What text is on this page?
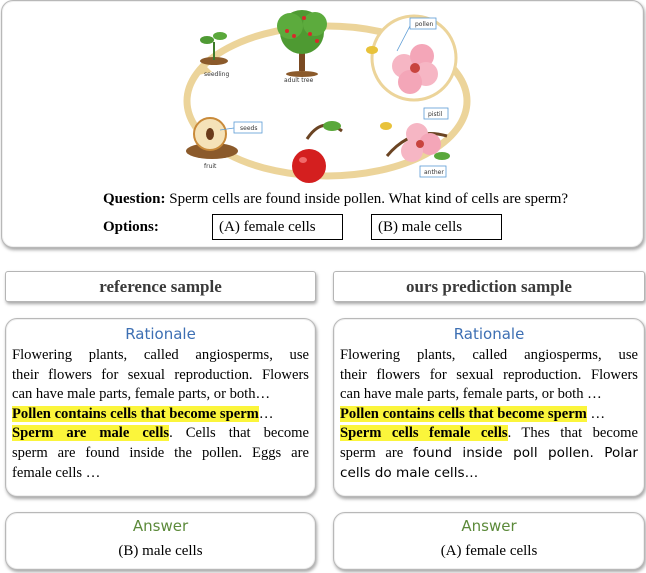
seedling
adult tree
pollen
seeds
fruit
pistil
anther
Question: Sperm cells are found inside pollen. What kind of cells are sperm?
Options:	(A) female cells	(B) male cells
reference sample	ours prediction sample
Rationale
Flowering plants, called angiosperms, use
their flowers for sexual reproduction. Flowers
can have male parts, female parts, or both…
Pollen contains cells that become sperm…
Sperm are male cells. Cells that become
sperm are found inside the pollen. Eggs are
female cells …
Rationale
Flowering plants, called angiosperms, use
their flowers for sexual reproduction. Flowers
can have male parts, female parts, or both …
Pollen contains cells that become sperm …
Sperm cells female cells. Thes that become
sperm are found inside poll pollen. Polar
cells do male cells…
Answer
(B) male cells
Answer
(A) female cells
